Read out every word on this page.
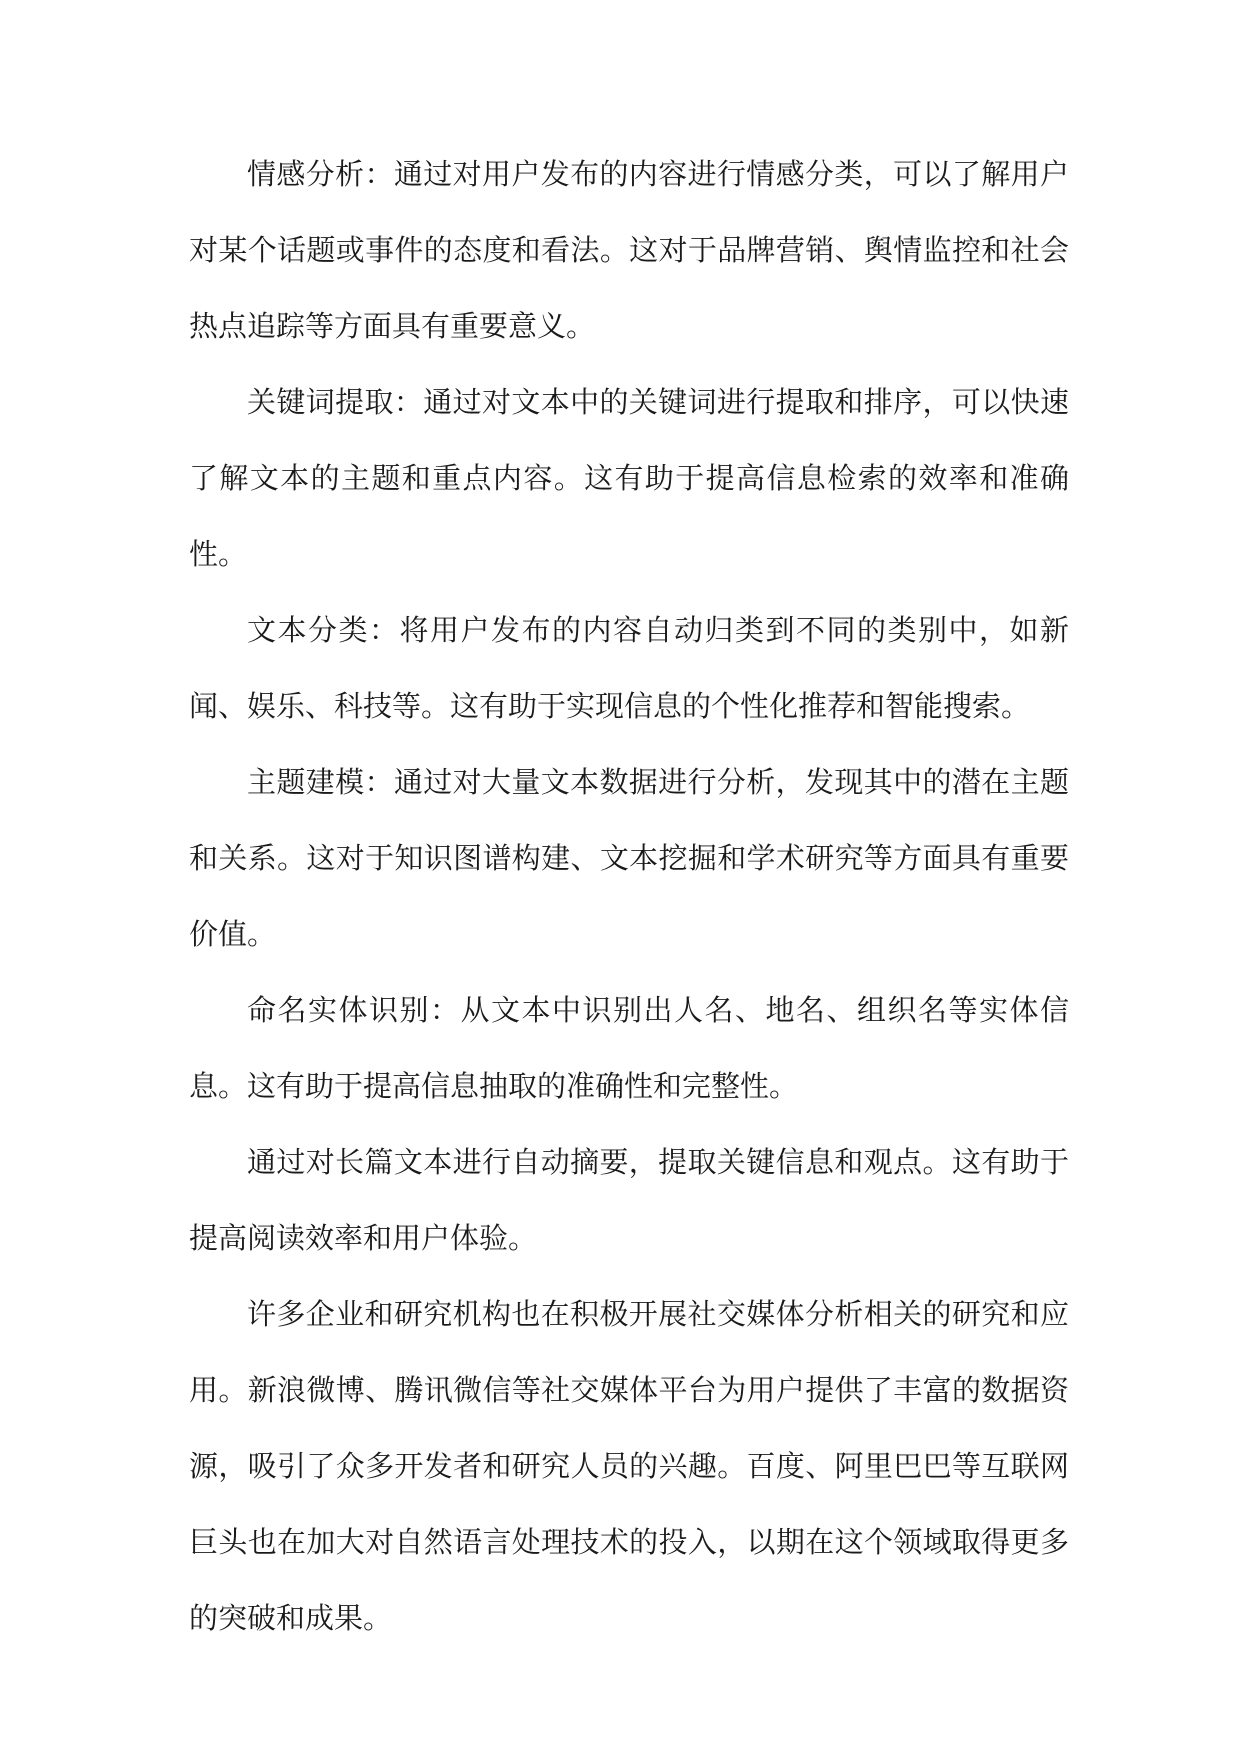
情感分析：通过对用户发布的内容进行情感分类，可以了解用户对某个话题或事件的态度和看法。这对于品牌营销、舆情监控和社会热点追踪等方面具有重要意义。

关键词提取：通过对文本中的关键词进行提取和排序，可以快速了解文本的主题和重点内容。这有助于提高信息检索的效率和准确性。

文本分类：将用户发布的内容自动归类到不同的类别中，如新闻、娱乐、科技等。这有助于实现信息的个性化推荐和智能搜索。

主题建模：通过对大量文本数据进行分析，发现其中的潜在主题和关系。这对于知识图谱构建、文本挖掘和学术研究等方面具有重要价值。

命名实体识别：从文本中识别出人名、地名、组织名等实体信息。这有助于提高信息抽取的准确性和完整性。

通过对长篇文本进行自动摘要，提取关键信息和观点。这有助于提高阅读效率和用户体验。

许多企业和研究机构也在积极开展社交媒体分析相关的研究和应用。新浪微博、腾讯微信等社交媒体平台为用户提供了丰富的数据资源，吸引了众多开发者和研究人员的兴趣。百度、阿里巴巴等互联网巨头也在加大对自然语言处理技术的投入，以期在这个领域取得更多的突破和成果。
